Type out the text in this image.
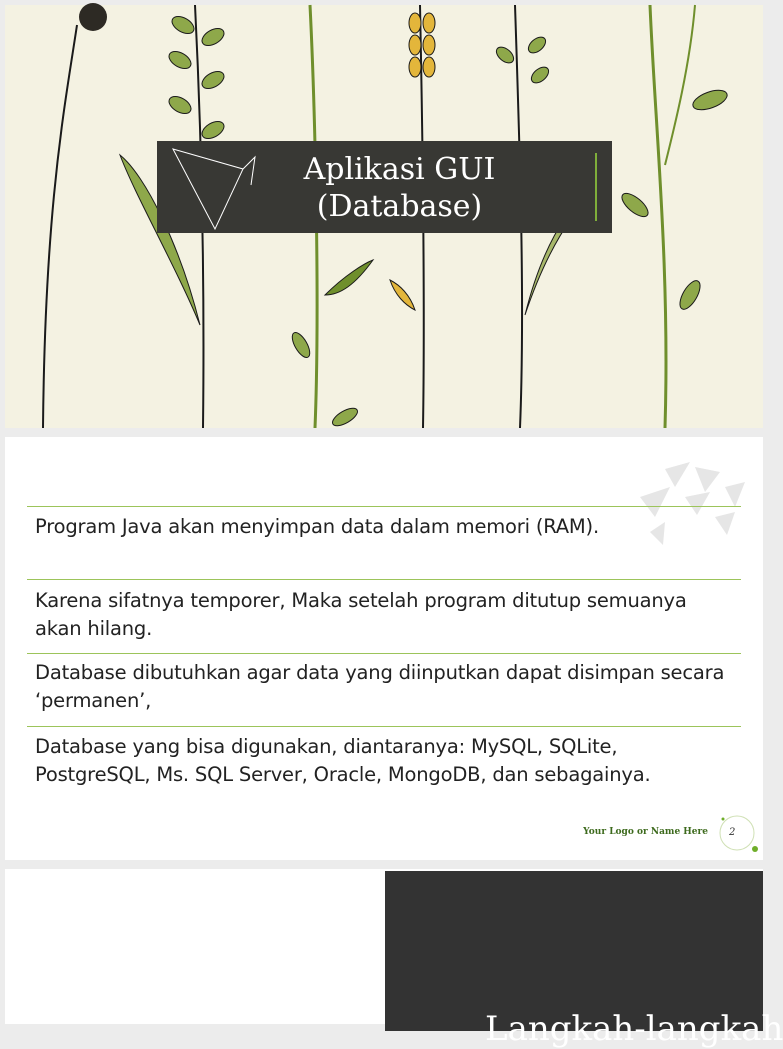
Aplikasi GUI
(Database)
Program Java akan menyimpan data dalam memori (RAM).
Karena sifatnya temporer, Maka setelah program ditutup semuanya akan hilang.
Database dibutuhkan agar data yang diinputkan dapat disimpan secara ‘permanen’,
Database yang bisa digunakan, diantaranya: MySQL, SQLite, PostgreSQL, Ms. SQL Server, Oracle, MongoDB, dan sebagainya.
Your Logo or Name Here 2
Langkah-langkah
